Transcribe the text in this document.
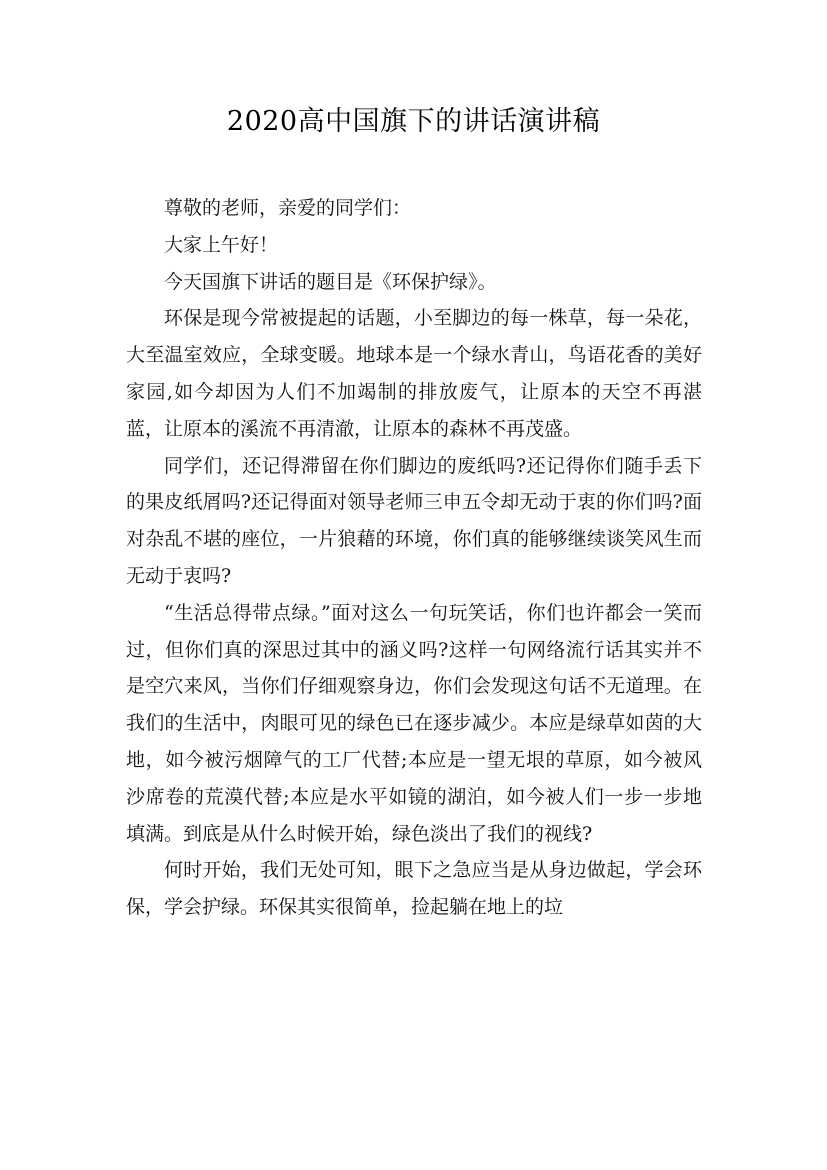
2020高中国旗下的讲话演讲稿

尊敬的老师，亲爱的同学们：

大家上午好！

今天国旗下讲话的题目是《环保护绿》。

环保是现今常被提起的话题，小至脚边的每一株草，每一朵花，大至温室效应，全球变暖。地球本是一个绿水青山，鸟语花香的美好家园,如今却因为人们不加竭制的排放废气，让原本的天空不再湛蓝，让原本的溪流不再清澈，让原本的森林不再茂盛。

同学们，还记得滞留在你们脚边的废纸吗?还记得你们随手丢下的果皮纸屑吗?还记得面对领导老师三申五令却无动于衷的你们吗?面对杂乱不堪的座位，一片狼藉的环境，你们真的能够继续谈笑风生而无动于衷吗?

“生活总得带点绿。”面对这么一句玩笑话，你们也许都会一笑而过，但你们真的深思过其中的涵义吗?这样一句网络流行话其实并不是空穴来风，当你们仔细观察身边，你们会发现这句话不无道理。在我们的生活中，肉眼可见的绿色已在逐步减少。本应是绿草如茵的大地，如今被污烟障气的工厂代替;本应是一望无垠的草原，如今被风沙席卷的荒漠代替;本应是水平如镜的湖泊，如今被人们一步一步地填满。到底是从什么时候开始，绿色淡出了我们的视线?

何时开始，我们无处可知，眼下之急应当是从身边做起，学会环保，学会护绿。环保其实很简单，捡起躺在地上的垃
